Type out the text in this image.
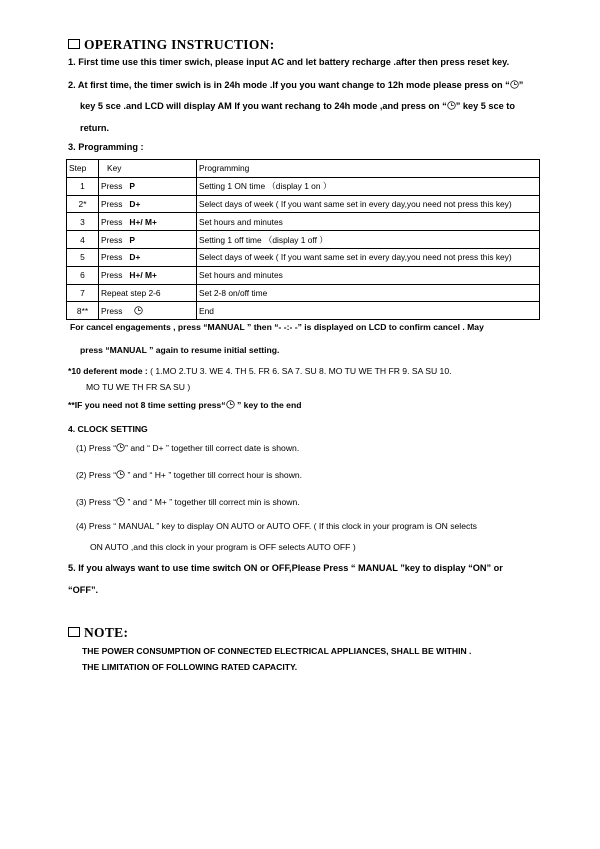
OPERATING INSTRUCTION:
1. First time use this timer swich, please input AC and let battery recharge .after then press reset key.
2. At first time, the timer swich is in 24h mode .If you you want change to 12h mode please press on “ ”
key 5 sce .and LCD will display AM If you want rechang to 24h mode ,and press on “ ” key 5 sce to
return.
3. Programming :
Step	Key	Programming
1	Press P	Setting 1 ON time （display 1 on ）
2*	Press D+	Select days of week ( If you want same set in every day,you need not press this key)
3	Press H+/ M+	Set hours and minutes
4	Press P	Setting 1 off time （display 1 off ）
5	Press D+	Select days of week ( If you want same set in every day,you need not press this key)
6	Press H+/ M+	Set hours and minutes
7	Repeat step 2-6	Set 2-8 on/off time
8**	Press	End
For cancel engagements , press “MANUAL ” then “- -:- -” is displayed on LCD to confirm cancel . May
press “MANUAL ” again to resume initial setting.
*10 deferent mode : ( 1.MO 2.TU 3. WE 4. TH 5. FR 6. SA 7. SU 8. MO TU WE TH FR 9. SA SU 10.
MO TU WE TH FR SA SU )
**IF you need not 8 time setting press“
” key to the end
4. CLOCK SETTING
(1) Press “ ” and “ D+ ” together till correct date is shown.
(2) Press “
” and “ H+ ” together till correct hour is shown.
(3) Press “
” and “ M+ ” together till correct min is shown.
(4) Press “ MANUAL ” key to display ON AUTO or AUTO OFF. ( If this clock in your program is ON selects
ON AUTO ,and this clock in your program is OFF selects AUTO OFF )
5. If you always want to use time switch ON or OFF,Please Press “ MANUAL ”key to display “ON” or
“OFF”.
NOTE:
THE POWER CONSUMPTION OF CONNECTED ELECTRICAL APPLIANCES, SHALL BE WITHIN .
THE LIMITATION OF FOLLOWING RATED CAPACITY.
